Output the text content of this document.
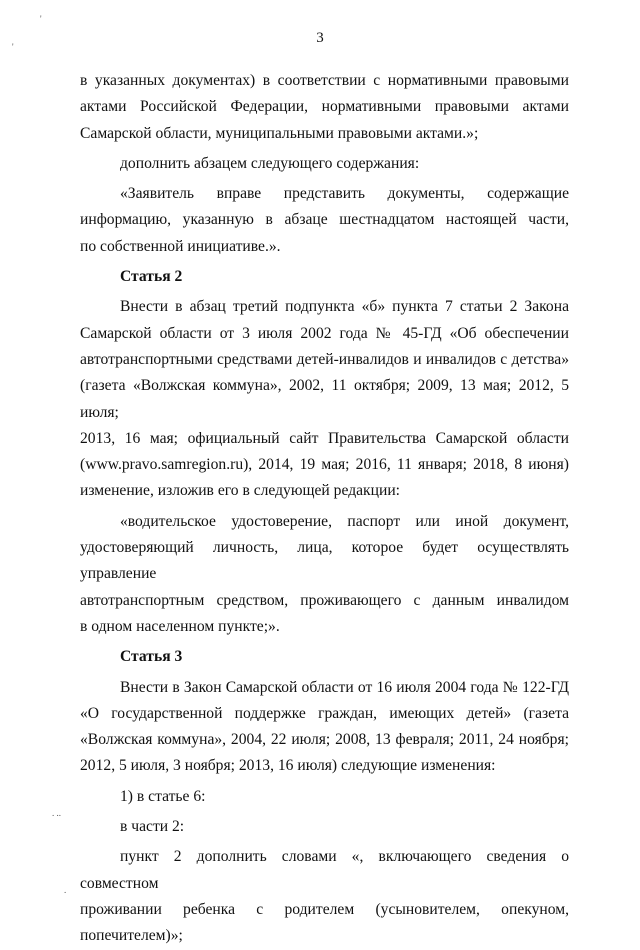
'
'
. ..
.
3

в указанных документах) в соответствии с нормативными правовыми
актами Российской Федерации, нормативными правовыми актами
Самарской области, муниципальными правовыми актами.»;

дополнить абзацем следующего содержания:

«Заявитель вправе представить документы, содержащие
информацию, указанную в абзаце шестнадцатом настоящей части,
по собственной инициативе.».

Статья 2

Внести в абзац третий подпункта «б» пункта 7 статьи 2 Закона
Самарской области от 3 июля 2002 года № 45-ГД «Об обеспечении
автотранспортными средствами детей-инвалидов и инвалидов с детства»
(газета «Волжская коммуна», 2002, 11 октября; 2009, 13 мая; 2012, 5 июля;
2013, 16 мая; официальный сайт Правительства Самарской области
(www.pravo.samregion.ru), 2014, 19 мая; 2016, 11 января; 2018, 8 июня)
изменение, изложив его в следующей редакции:

«водительское удостоверение, паспорт или иной документ,
удостоверяющий личность, лица, которое будет осуществлять управление
автотранспортным средством, проживающего с данным инвалидом
в одном населенном пункте;».

Статья 3

Внести в Закон Самарской области от 16 июля 2004 года № 122-ГД
«О государственной поддержке граждан, имеющих детей» (газета
«Волжская коммуна», 2004, 22 июля; 2008, 13 февраля; 2011, 24 ноября;
2012, 5 июля, 3 ноября; 2013, 16 июля) следующие изменения:

1) в статье 6:

в части 2:

пункт 2 дополнить словами «, включающего сведения о совместном
проживании ребенка с родителем (усыновителем, опекуном,
попечителем)»;
